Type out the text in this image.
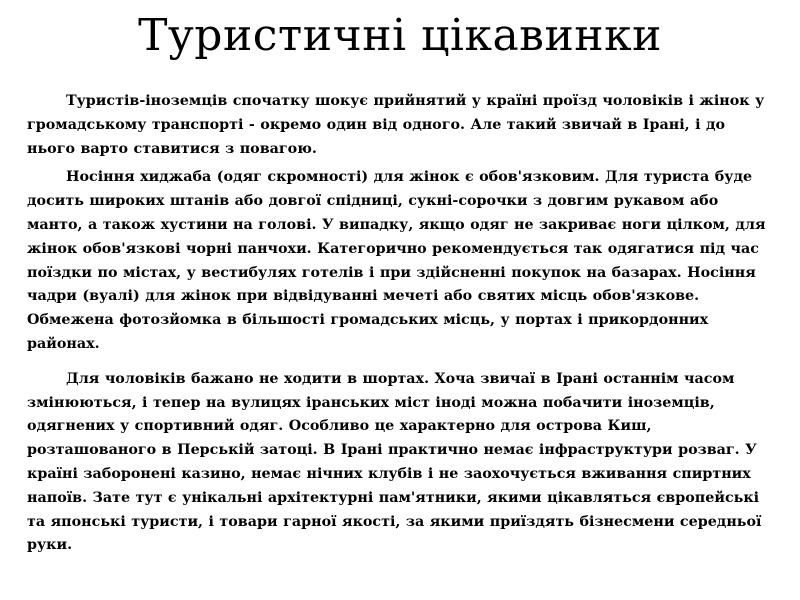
Туристичні цікавинки

Туристів-іноземців спочатку шокує прийнятий у країні проїзд чоловіків і жінок у громадському транспорті - окремо один від одного. Але такий звичай в Ірані, і до нього варто ставитися з повагою.

Носіння хиджаба (одяг скромності) для жінок є обов'язковим. Для туриста буде досить широких штанів або довгої спідниці, сукні-сорочки з довгим рукавом або манто, а також хустини на голові. У випадку, якщо одяг не закриває ноги цілком, для жінок обов'язкові чорні панчохи. Категорично рекомендується так одягатися під час поїздки по містах, у вестибулях готелів і при здійсненні покупок на базарах. Носіння чадри (вуалі) для жінок при відвідуванні мечеті або святих місць обов'язкове. Обмежена фотозйомка в більшості громадських місць, у портах і прикордонних районах.

Для чоловіків бажано не ходити в шортах. Хоча звичаї в Ірані останнім часом змінюються, і тепер на вулицях іранських міст іноді можна побачити іноземців, одягнених у спортивний одяг. Особливо це характерно для острова Киш, розташованого в Перській затоці. В Ірані практично немає інфраструктури розваг. У країні заборонені казино, немає нічних клубів і не заохочується вживання спиртних напоїв. Зате тут є унікальні архітектурні пам'ятники, якими цікавляться європейські та японські туристи, і товари гарної якості, за якими приїздять бізнесмени середньої руки.
